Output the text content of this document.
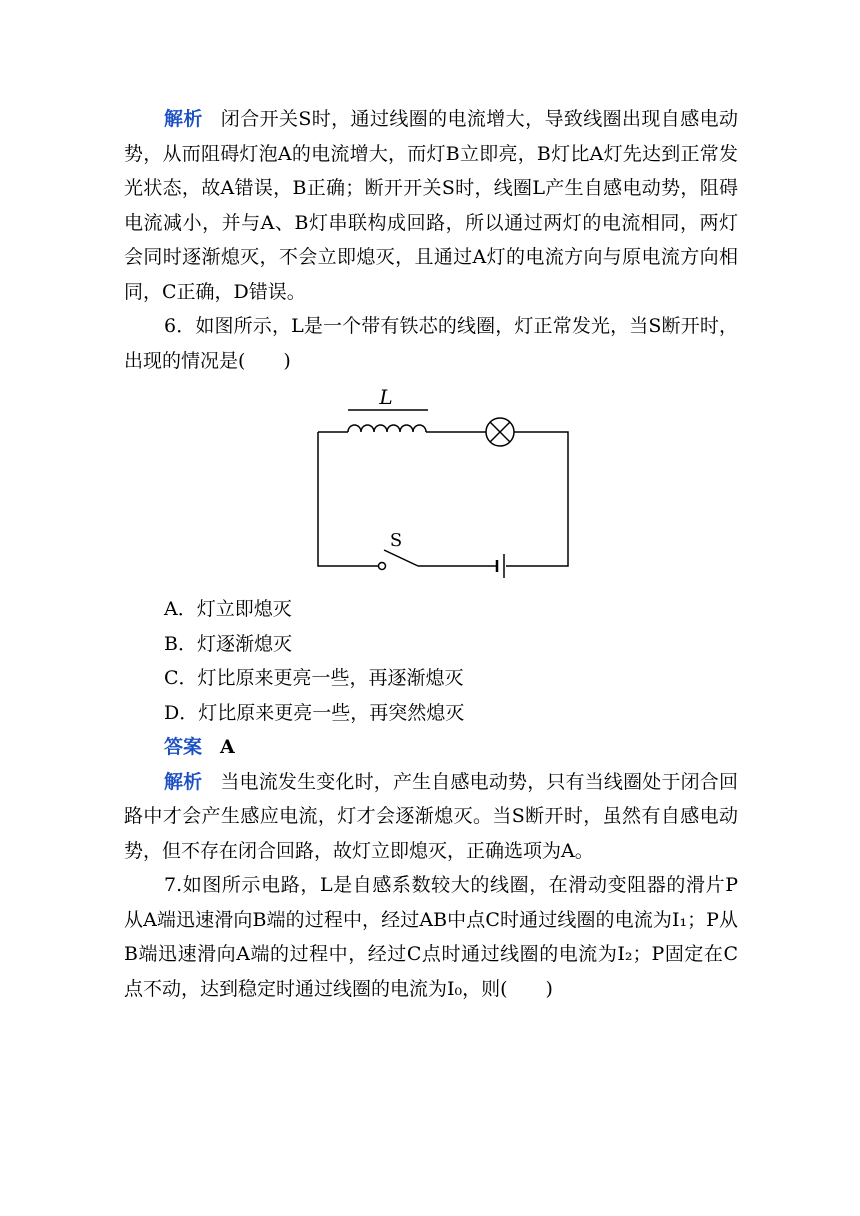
解析 闭合开关S时，通过线圈的电流增大，导致线圈出现自感电动势，从而阻碍灯泡A的电流增大，而灯B立即亮，B灯比A灯先达到正常发光状态，故A错误，B正确；断开开关S时，线圈L产生自感电动势，阻碍电流减小，并与A、B灯串联构成回路，所以通过两灯的电流相同，两灯会同时逐渐熄灭，不会立即熄灭，且通过A灯的电流方向与原电流方向相同，C正确，D错误。

6．如图所示，L是一个带有铁芯的线圈，灯正常发光，当S断开时，出现的情况是(　　)

L
S

A．灯立即熄灭

B．灯逐渐熄灭

C．灯比原来更亮一些，再逐渐熄灭

D．灯比原来更亮一些，再突然熄灭

答案 A

解析 当电流发生变化时，产生自感电动势，只有当线圈处于闭合回路中才会产生感应电流，灯才会逐渐熄灭。当S断开时，虽然有自感电动势，但不存在闭合回路，故灯立即熄灭，正确选项为A。

7.如图所示电路，L是自感系数较大的线圈，在滑动变阻器的滑片P从A端迅速滑向B端的过程中，经过AB中点C时通过线圈的电流为I₁；P从B端迅速滑向A端的过程中，经过C点时通过线圈的电流为I₂；P固定在C点不动，达到稳定时通过线圈的电流为I₀，则(　　)
